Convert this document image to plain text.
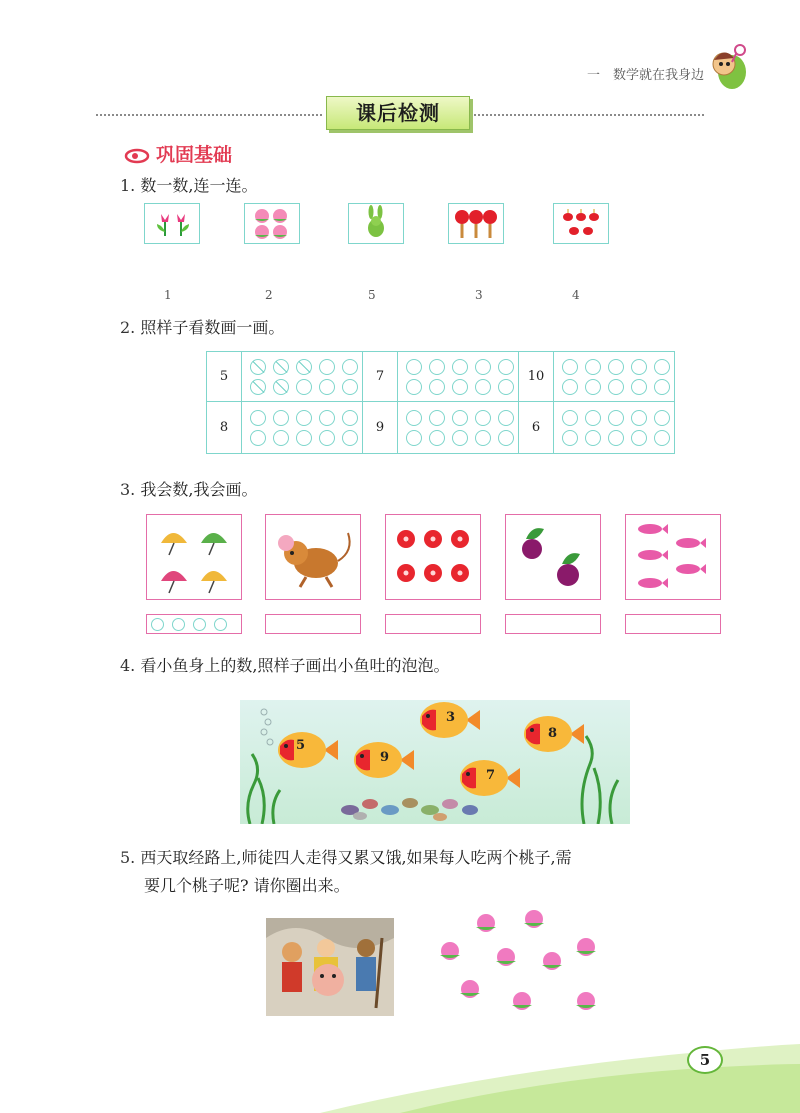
一　数学就在我身边
课后检测
巩固基础
1. 数一数,连一连。
1	2	5	3	4
2. 照样子看数画一画。
5		7		10	

8		9		6	
3. 我会数,我会画。
4. 看小鱼身上的数,照样子画出小鱼吐的泡泡。
5
9
3
7
8
5. 西天取经路上,师徒四人走得又累又饿,如果每人吃两个桃子,需
要几个桃子呢? 请你圈出来。
5
